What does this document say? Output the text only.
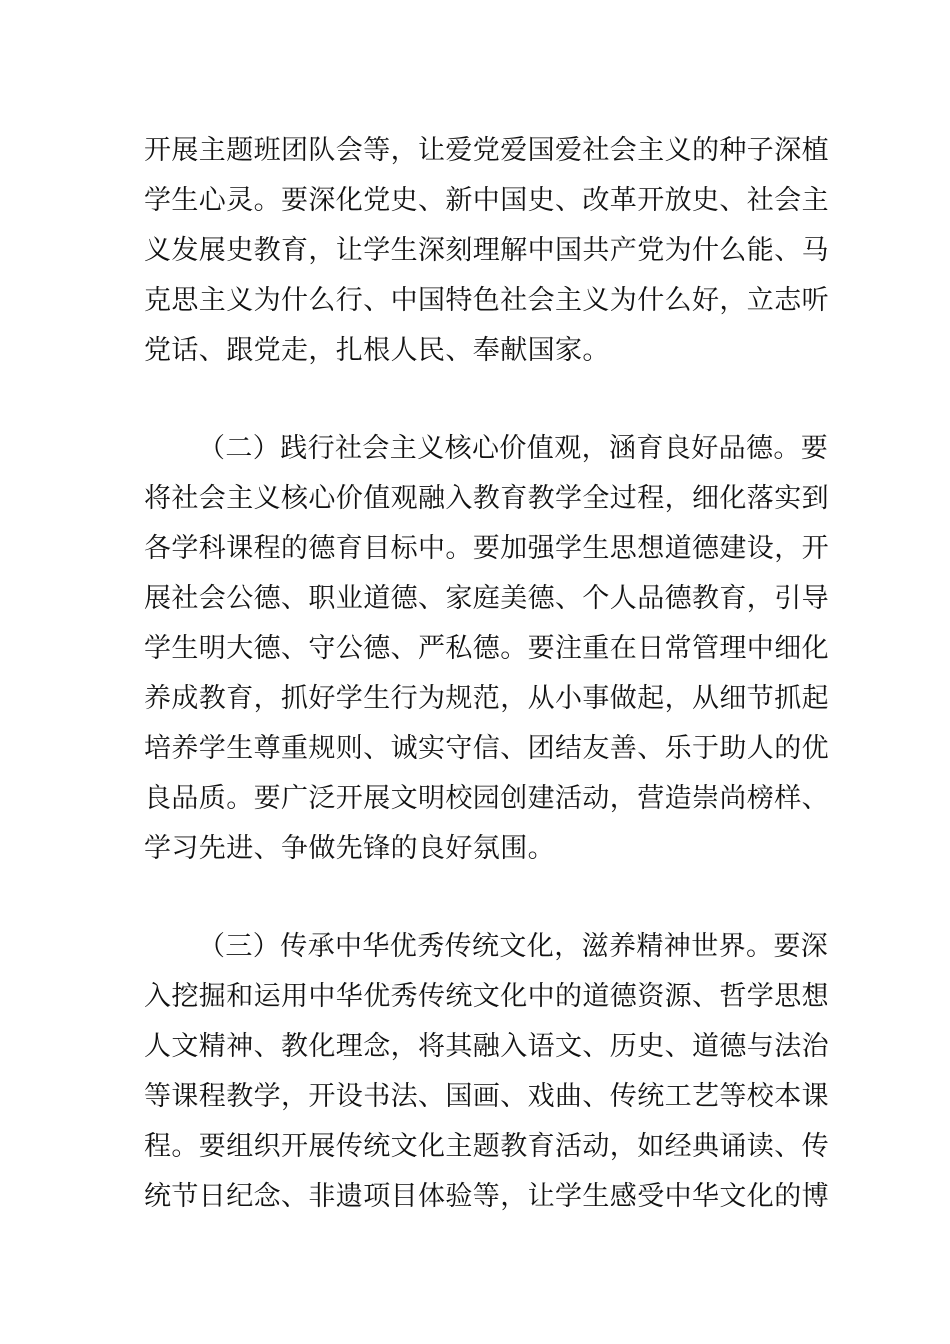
开展主题班团队会等，让爱党爱国爱社会主义的种子深植

学生心灵。要深化党史、新中国史、改革开放史、社会主

义发展史教育，让学生深刻理解中国共产党为什么能、马

克思主义为什么行、中国特色社会主义为什么好，立志听

党话、跟党走，扎根人民、奉献国家。

（二）践行社会主义核心价值观，涵育良好品德。要

将社会主义核心价值观融入教育教学全过程，细化落实到

各学科课程的德育目标中。要加强学生思想道德建设，开

展社会公德、职业道德、家庭美德、个人品德教育，引导

学生明大德、守公德、严私德。要注重在日常管理中细化

养成教育，抓好学生行为规范，从小事做起，从细节抓起

培养学生尊重规则、诚实守信、团结友善、乐于助人的优

良品质。要广泛开展文明校园创建活动，营造崇尚榜样、

学习先进、争做先锋的良好氛围。

（三）传承中华优秀传统文化，滋养精神世界。要深

入挖掘和运用中华优秀传统文化中的道德资源、哲学思想

人文精神、教化理念，将其融入语文、历史、道德与法治

等课程教学，开设书法、国画、戏曲、传统工艺等校本课

程。要组织开展传统文化主题教育活动，如经典诵读、传

统节日纪念、非遗项目体验等，让学生感受中华文化的博
